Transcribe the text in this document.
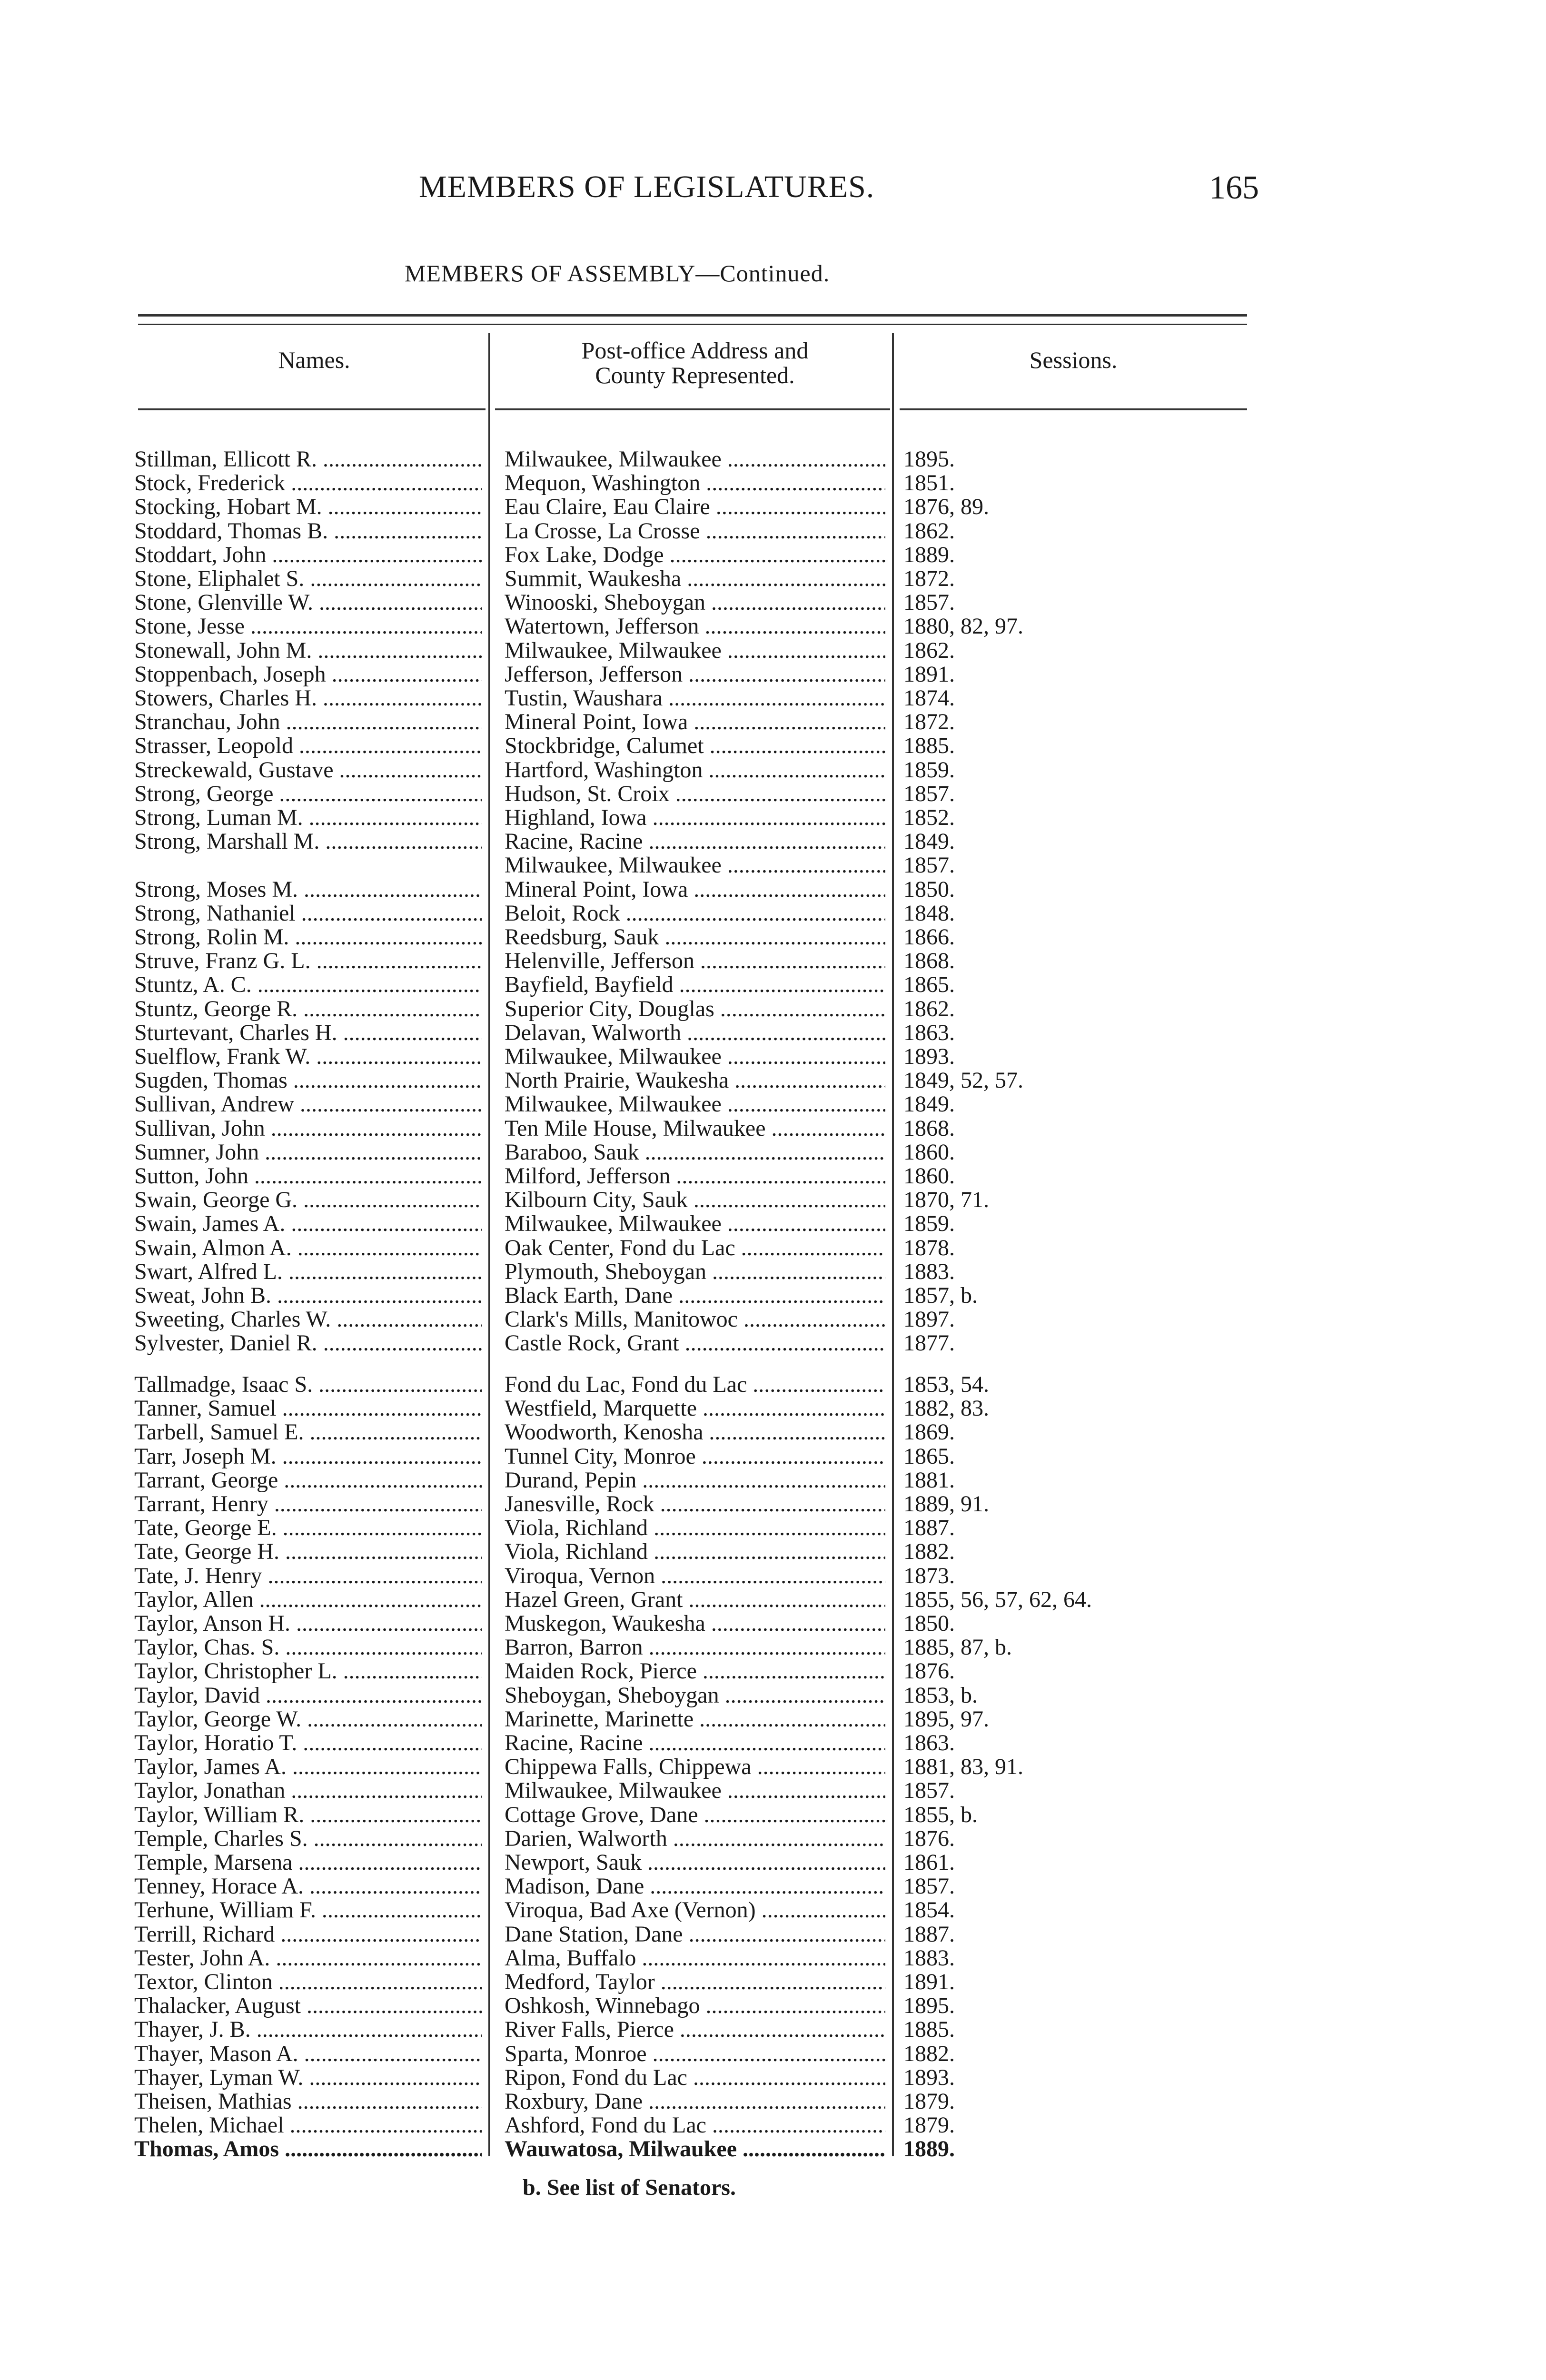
MEMBERS OF LEGISLATURES.	165
MEMBERS OF ASSEMBLY—Continued.
Names.	Post-office Address and
County Represented.
Sessions.
Stillman, Ellicott R. .....	Milwaukee, Milwaukee .....	1895.
Stock, Frederick .....	Mequon, Washington .....	1851.
Stocking, Hobart M. .....	Eau Claire, Eau Claire .....	1876, 89.
Stoddard, Thomas B. .....	La Crosse, La Crosse .....	1862.
Stoddart, John .....	Fox Lake, Dodge .....	1889.
Stone, Eliphalet S. .....	Summit, Waukesha .....	1872.
Stone, Glenville W. .....	Winooski, Sheboygan .....	1857.
Stone, Jesse .....	Watertown, Jefferson .....	1880, 82, 97.
Stonewall, John M. .....	Milwaukee, Milwaukee .....	1862.
Stoppenbach, Joseph .....	Jefferson, Jefferson .....	1891.
Stowers, Charles H. .....	Tustin, Waushara .....	1874.
Stranchau, John .....	Mineral Point, Iowa .....	1872.
Strasser, Leopold .....	Stockbridge, Calumet .....	1885.
Streckewald, Gustave .....	Hartford, Washington .....	1859.
Strong, George .....	Hudson, St. Croix .....	1857.
Strong, Luman M. .....	Highland, Iowa .....	1852.
Strong, Marshall M. .....	Racine, Racine .....	1849.
Milwaukee, Milwaukee .....	1857.
Strong, Moses M. .....	Mineral Point, Iowa .....	1850.
Strong, Nathaniel .....	Beloit, Rock .....	1848.
Strong, Rolin M. .....	Reedsburg, Sauk .....	1866.
Struve, Franz G. L. .....	Helenville, Jefferson .....	1868.
Stuntz, A. C. .....	Bayfield, Bayfield .....	1865.
Stuntz, George R. .....	Superior City, Douglas .....	1862.
Sturtevant, Charles H. .....	Delavan, Walworth .....	1863.
Suelflow, Frank W. .....	Milwaukee, Milwaukee .....	1893.
Sugden, Thomas .....	North Prairie, Waukesha .....	1849, 52, 57.
Sullivan, Andrew .....	Milwaukee, Milwaukee .....	1849.
Sullivan, John .....	Ten Mile House, Milwaukee .....	1868.
Sumner, John .....	Baraboo, Sauk .....	1860.
Sutton, John .....	Milford, Jefferson .....	1860.
Swain, George G. .....	Kilbourn City, Sauk .....	1870, 71.
Swain, James A. .....	Milwaukee, Milwaukee .....	1859.
Swain, Almon A. .....	Oak Center, Fond du Lac .....	1878.
Swart, Alfred L. .....	Plymouth, Sheboygan .....	1883.
Sweat, John B. .....	Black Earth, Dane .....	1857, b.
Sweeting, Charles W. .....	Clark's Mills, Manitowoc .....	1897.
Sylvester, Daniel R. .....	Castle Rock, Grant .....	1877.
Tallmadge, Isaac S. .....	Fond du Lac, Fond du Lac .....	1853, 54.
Tanner, Samuel .....	Westfield, Marquette .....	1882, 83.
Tarbell, Samuel E. .....	Woodworth, Kenosha .....	1869.
Tarr, Joseph M. .....	Tunnel City, Monroe .....	1865.
Tarrant, George .....	Durand, Pepin .....	1881.
Tarrant, Henry .....	Janesville, Rock .....	1889, 91.
Tate, George E. .....	Viola, Richland .....	1887.
Tate, George H. .....	Viola, Richland .....	1882.
Tate, J. Henry .....	Viroqua, Vernon .....	1873.
Taylor, Allen .....	Hazel Green, Grant .....	1855, 56, 57, 62, 64.
Taylor, Anson H. .....	Muskegon, Waukesha .....	1850.
Taylor, Chas. S. .....	Barron, Barron .....	1885, 87, b.
Taylor, Christopher L. .....	Maiden Rock, Pierce .....	1876.
Taylor, David .....	Sheboygan, Sheboygan .....	1853, b.
Taylor, George W. .....	Marinette, Marinette .....	1895, 97.
Taylor, Horatio T. .....	Racine, Racine .....	1863.
Taylor, James A. .....	Chippewa Falls, Chippewa .....	1881, 83, 91.
Taylor, Jonathan .....	Milwaukee, Milwaukee .....	1857.
Taylor, William R. .....	Cottage Grove, Dane .....	1855, b.
Temple, Charles S. .....	Darien, Walworth .....	1876.
Temple, Marsena .....	Newport, Sauk .....	1861.
Tenney, Horace A. .....	Madison, Dane .....	1857.
Terhune, William F. .....	Viroqua, Bad Axe (Vernon) .....	1854.
Terrill, Richard .....	Dane Station, Dane .....	1887.
Tester, John A. .....	Alma, Buffalo .....	1883.
Textor, Clinton .....	Medford, Taylor .....	1891.
Thalacker, August .....	Oshkosh, Winnebago .....	1895.
Thayer, J. B. .....	River Falls, Pierce .....	1885.
Thayer, Mason A. .....	Sparta, Monroe .....	1882.
Thayer, Lyman W. .....	Ripon, Fond du Lac .....	1893.
Theisen, Mathias .....	Roxbury, Dane .....	1879.
Thelen, Michael .....	Ashford, Fond du Lac .....	1879.
Thomas, Amos .....	Wauwatosa, Milwaukee .....	1889.
b. See list of Senators.
